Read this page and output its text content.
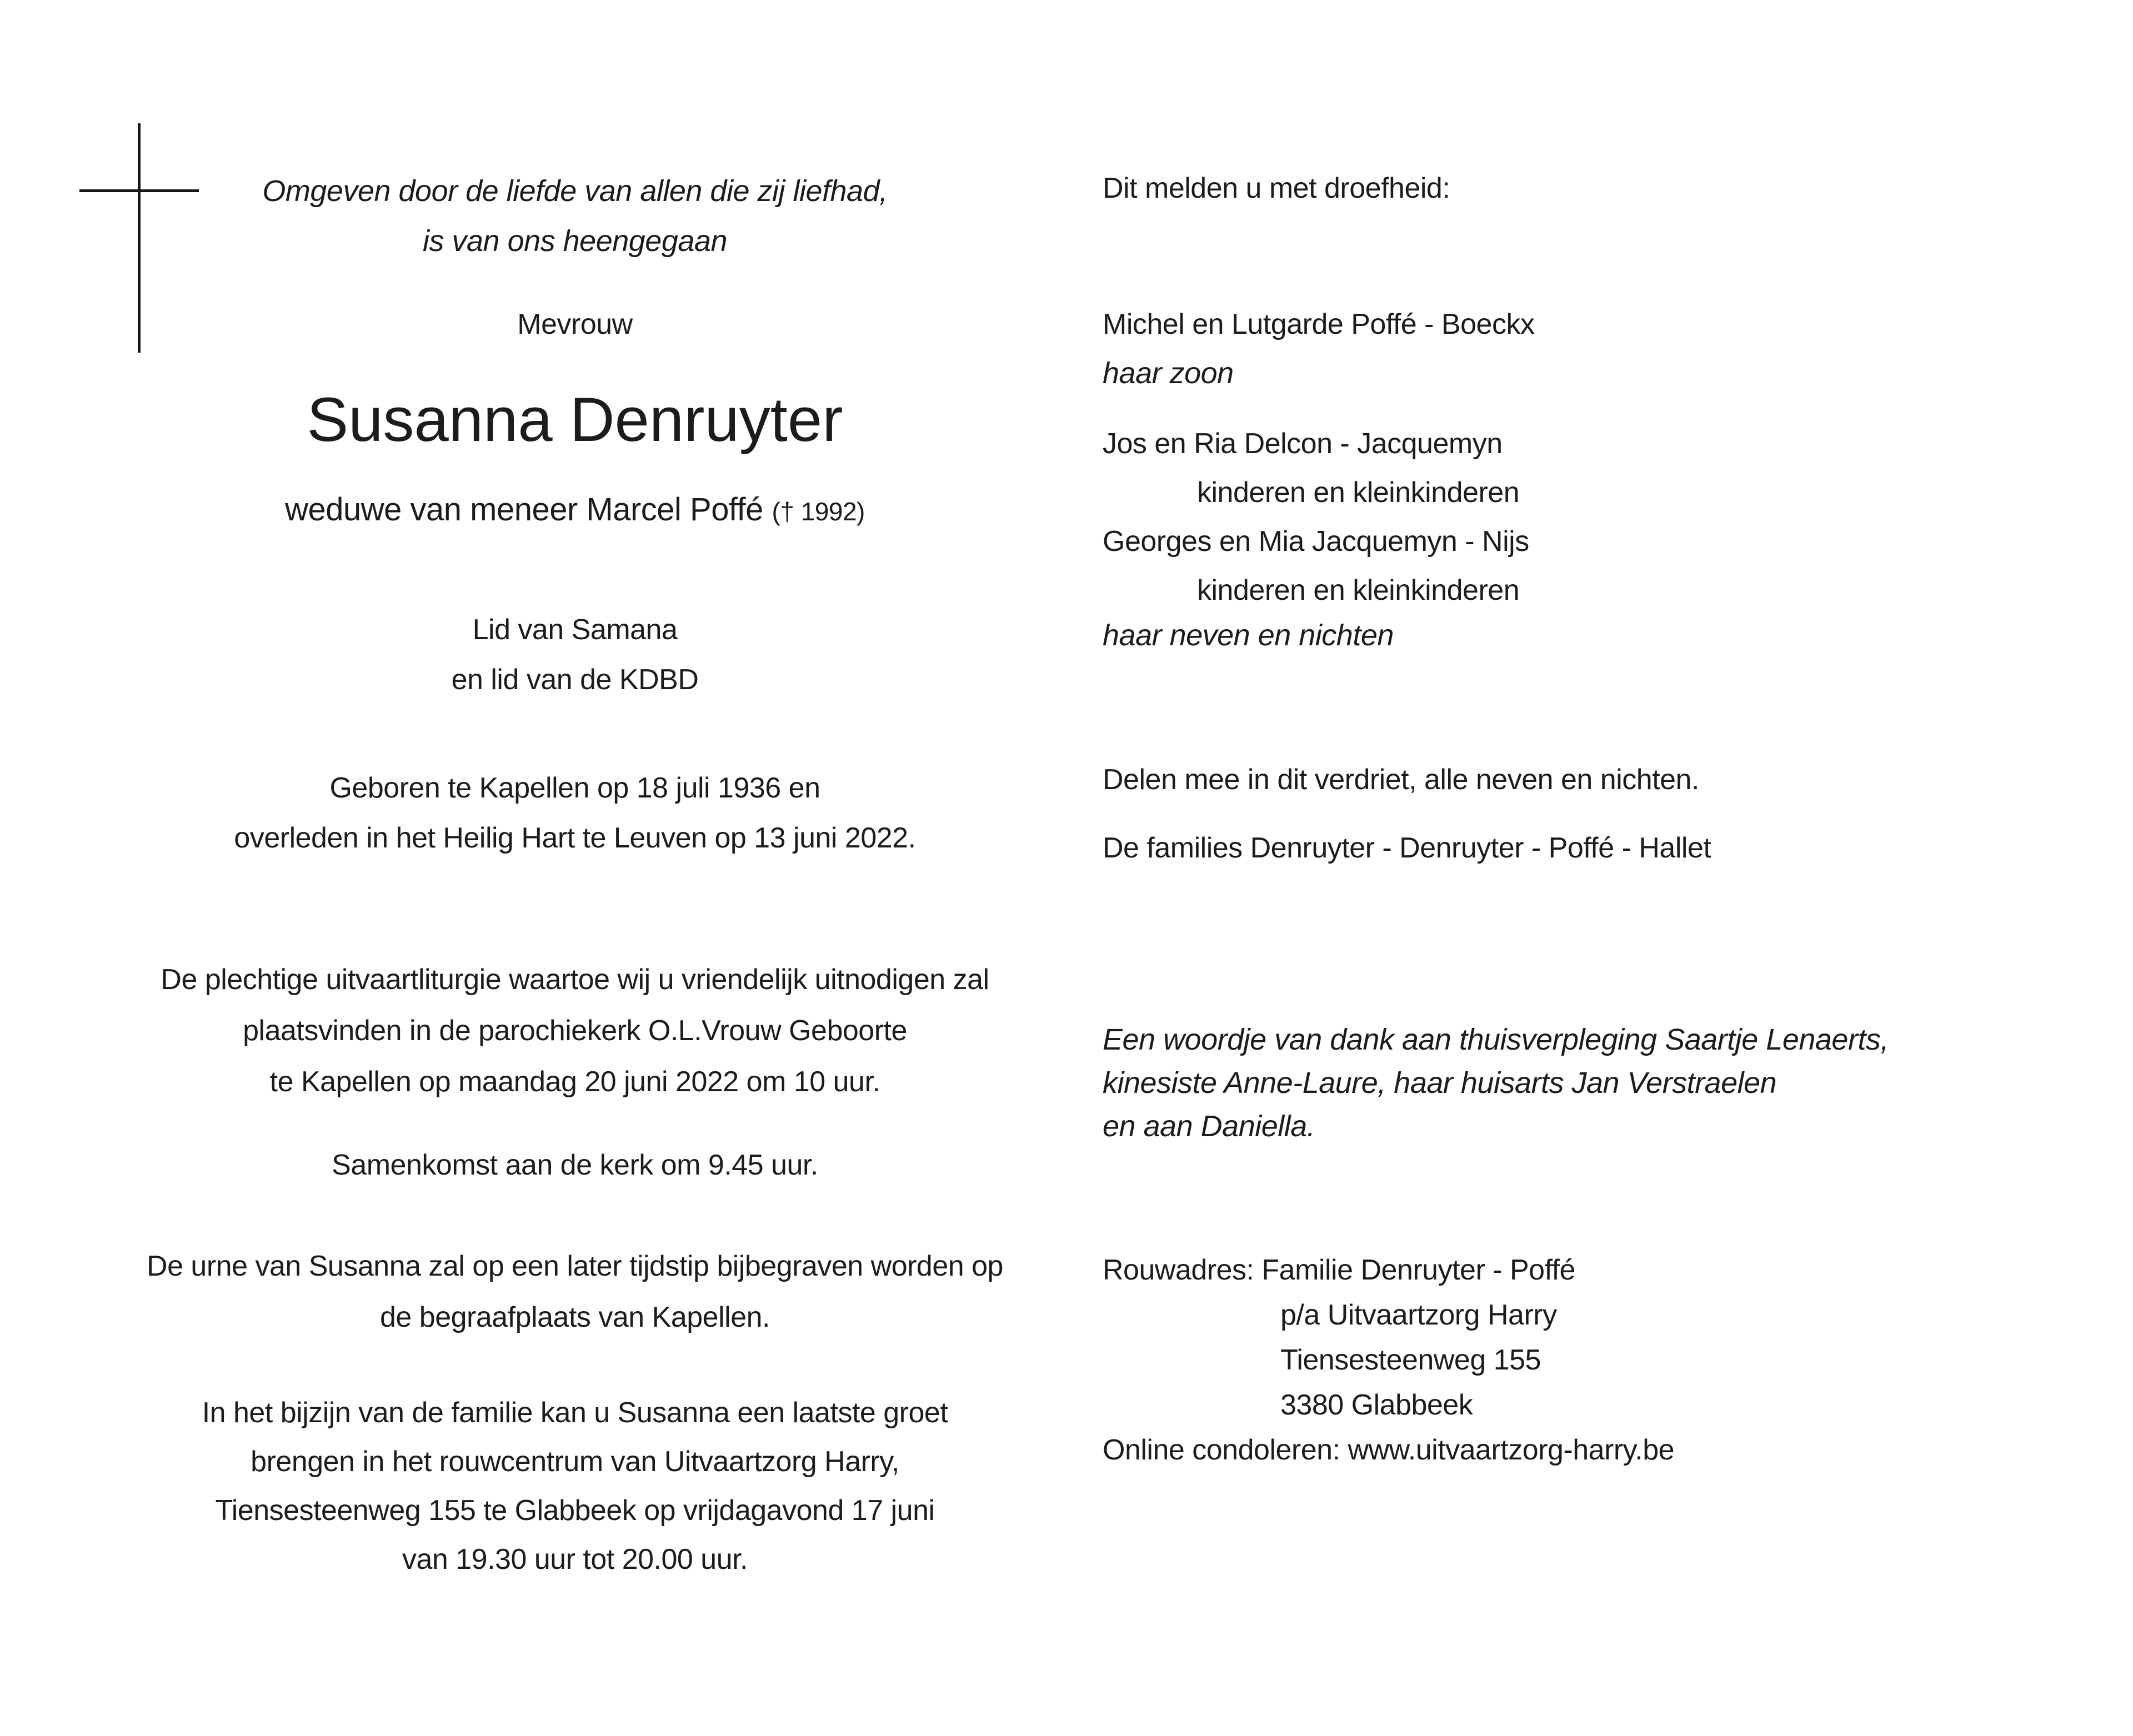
Omgeven door de liefde van allen die zij liefhad,
is van ons heengegaan
Mevrouw
Susanna Denruyter
weduwe van meneer Marcel Poffé († 1992)
Lid van Samana
en lid van de KDBD
Geboren te Kapellen op 18 juli 1936 en
overleden in het Heilig Hart te Leuven op 13 juni 2022.
De plechtige uitvaartliturgie waartoe wij u vriendelijk uitnodigen zal
plaatsvinden in de parochiekerk O.L.Vrouw Geboorte
te Kapellen op maandag 20 juni 2022 om 10 uur.
Samenkomst aan de kerk om 9.45 uur.
De urne van Susanna zal op een later tijdstip bijbegraven worden op
de begraafplaats van Kapellen.
In het bijzijn van de familie kan u Susanna een laatste groet
brengen in het rouwcentrum van Uitvaartzorg Harry,
Tiensesteenweg 155 te Glabbeek op vrijdagavond 17 juni
van 19.30 uur tot 20.00 uur.
Dit melden u met droefheid:
Michel en Lutgarde Poffé - Boeckx
haar zoon
Jos en Ria Delcon - Jacquemyn
kinderen en kleinkinderen
Georges en Mia Jacquemyn - Nijs
kinderen en kleinkinderen
haar neven en nichten
Delen mee in dit verdriet, alle neven en nichten.
De families Denruyter - Denruyter - Poffé - Hallet
Een woordje van dank aan thuisverpleging Saartje Lenaerts,
kinesiste Anne-Laure, haar huisarts Jan Verstraelen
en aan Daniella.
Rouwadres: Familie Denruyter - Poffé
p/a Uitvaartzorg Harry
Tiensesteenweg 155
3380 Glabbeek
Online condoleren: www.uitvaartzorg-harry.be
